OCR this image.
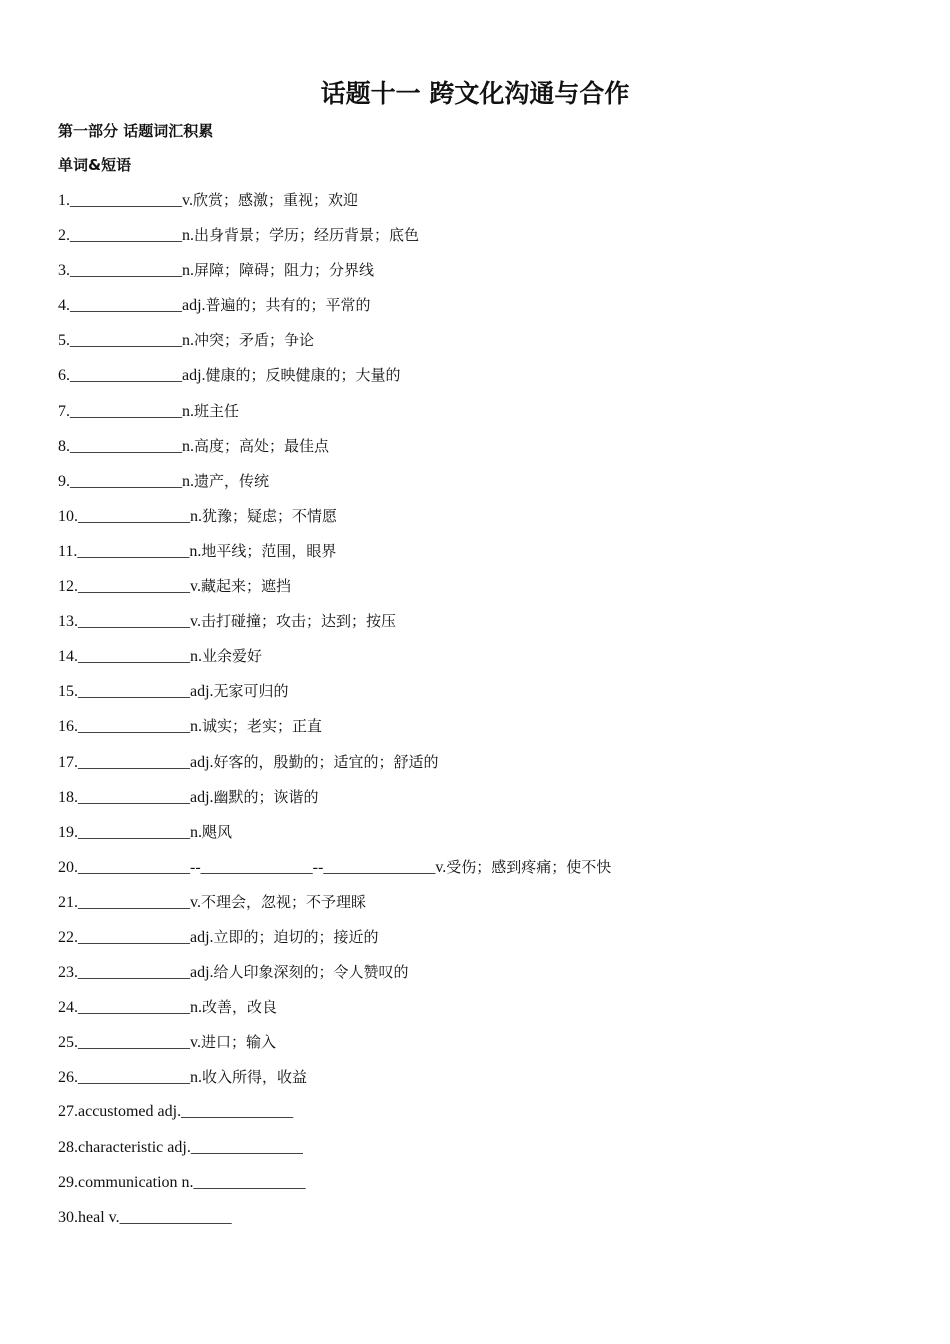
话题十一 跨文化沟通与合作
第一部分 话题词汇积累
单词&短语
1.______________v.欣赏；感激；重视；欢迎
2.______________n.出身背景；学历；经历背景；底色
3.______________n.屏障；障碍；阻力；分界线
4.______________adj.普遍的；共有的；平常的
5.______________n.冲突；矛盾；争论
6.______________adj.健康的；反映健康的；大量的
7.______________n.班主任
8.______________n.高度；高处；最佳点
9.______________n.遗产，传统
10.______________n.犹豫；疑虑；不情愿
11.______________n.地平线；范围，眼界
12.______________v.藏起来；遮挡
13.______________v.击打碰撞；攻击；达到；按压
14.______________n.业余爱好
15.______________adj.无家可归的
16.______________n.诚实；老实；正直
17.______________adj.好客的，殷勤的；适宜的；舒适的
18.______________adj.幽默的；诙谐的
19.______________n.飓风
20.______________--______________--______________v.受伤；感到疼痛；使不快
21.______________v.不理会，忽视；不予理睬
22.______________adj.立即的；迫切的；接近的
23.______________adj.给人印象深刻的；令人赞叹的
24.______________n.改善，改良
25.______________v.进口；输入
26.______________n.收入所得，收益
27.accustomed adj.______________
28.characteristic adj.______________
29.communication n.______________
30.heal v.______________
